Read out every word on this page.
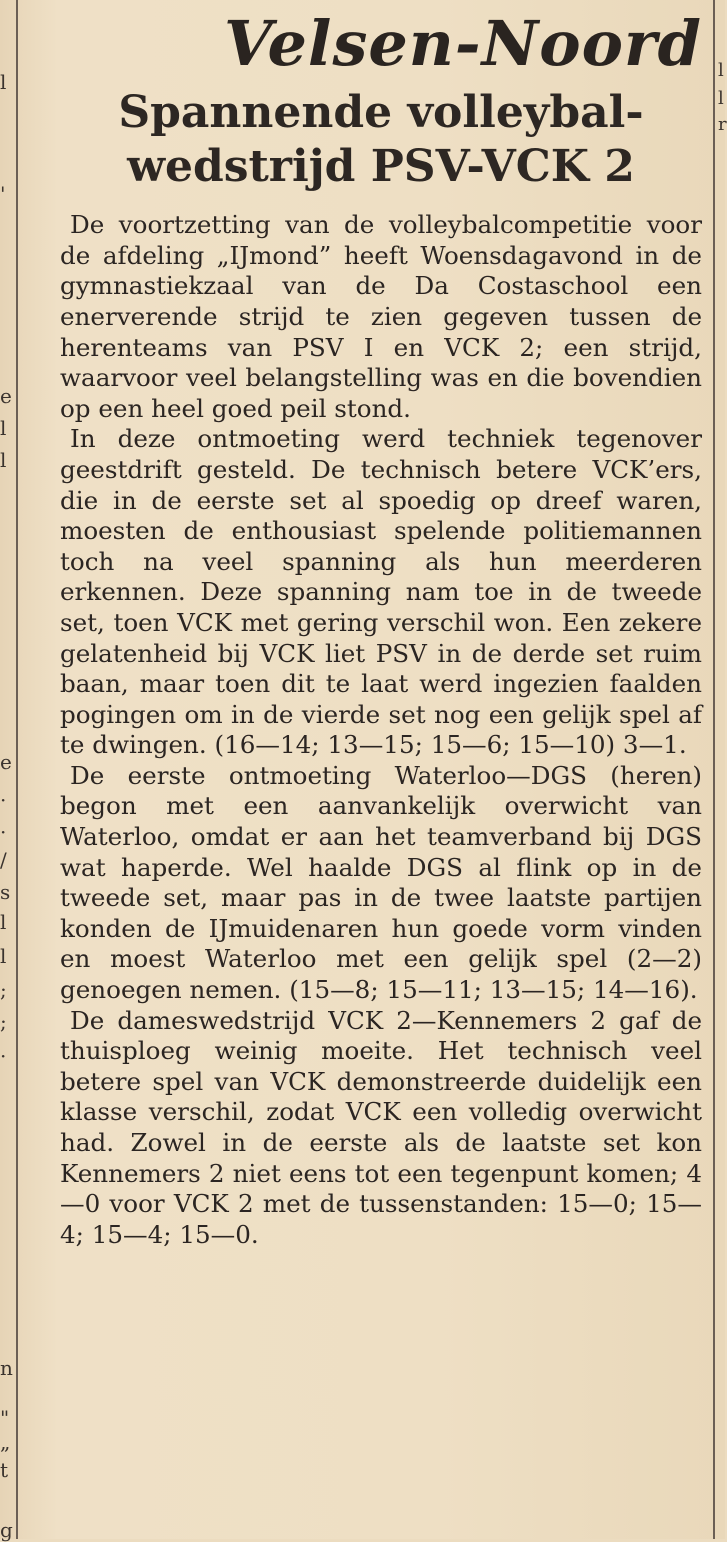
l
'
e
l
l
e
·
·
/
s
l
l
;
;
·
n
"
„
t
g
l
l
r
Velsen-Noord
Spannende volleybal-
wedstrijd PSV-VCK 2

De voortzetting van de volleybalcompetitie voor de afdeling „IJmond” heeft Woensdagavond in de gymnastiekzaal van de Da Costaschool een enerverende strijd te zien gegeven tussen de herenteams van PSV I en VCK 2; een strijd, waarvoor veel belangstelling was en die bovendien op een heel goed peil stond.

In deze ontmoeting werd techniek tegenover geestdrift gesteld. De technisch betere VCK’ers, die in de eerste set al spoedig op dreef waren, moesten de enthousiast spelende politiemannen toch na veel spanning als hun meerderen erkennen. Deze spanning nam toe in de tweede set, toen VCK met gering verschil won. Een zekere gelatenheid bij VCK liet PSV in de derde set ruim baan, maar toen dit te laat werd ingezien faalden pogingen om in de vierde set nog een gelijk spel af te dwingen. (16—14; 13—15; 15—6; 15—10) 3—1.

De eerste ontmoeting Waterloo—DGS (heren) begon met een aanvankelijk overwicht van Waterloo, omdat er aan het teamverband bij DGS wat haperde. Wel haalde DGS al flink op in de tweede set, maar pas in de twee laatste partijen konden de IJmuidenaren hun goede vorm vinden en moest Waterloo met een gelijk spel (2—2) genoegen nemen. (15—8; 15—11; 13—15; 14—16).

De dameswedstrijd VCK 2—Kennemers 2 gaf de thuisploeg weinig moeite. Het technisch veel betere spel van VCK demonstreerde duidelijk een klasse verschil, zodat VCK een volledig overwicht had. Zowel in de eerste als de laatste set kon Kennemers 2 niet eens tot een tegenpunt komen; 4—0 voor VCK 2 met de tussenstanden: 15—0; 15—4; 15—4; 15—0.
